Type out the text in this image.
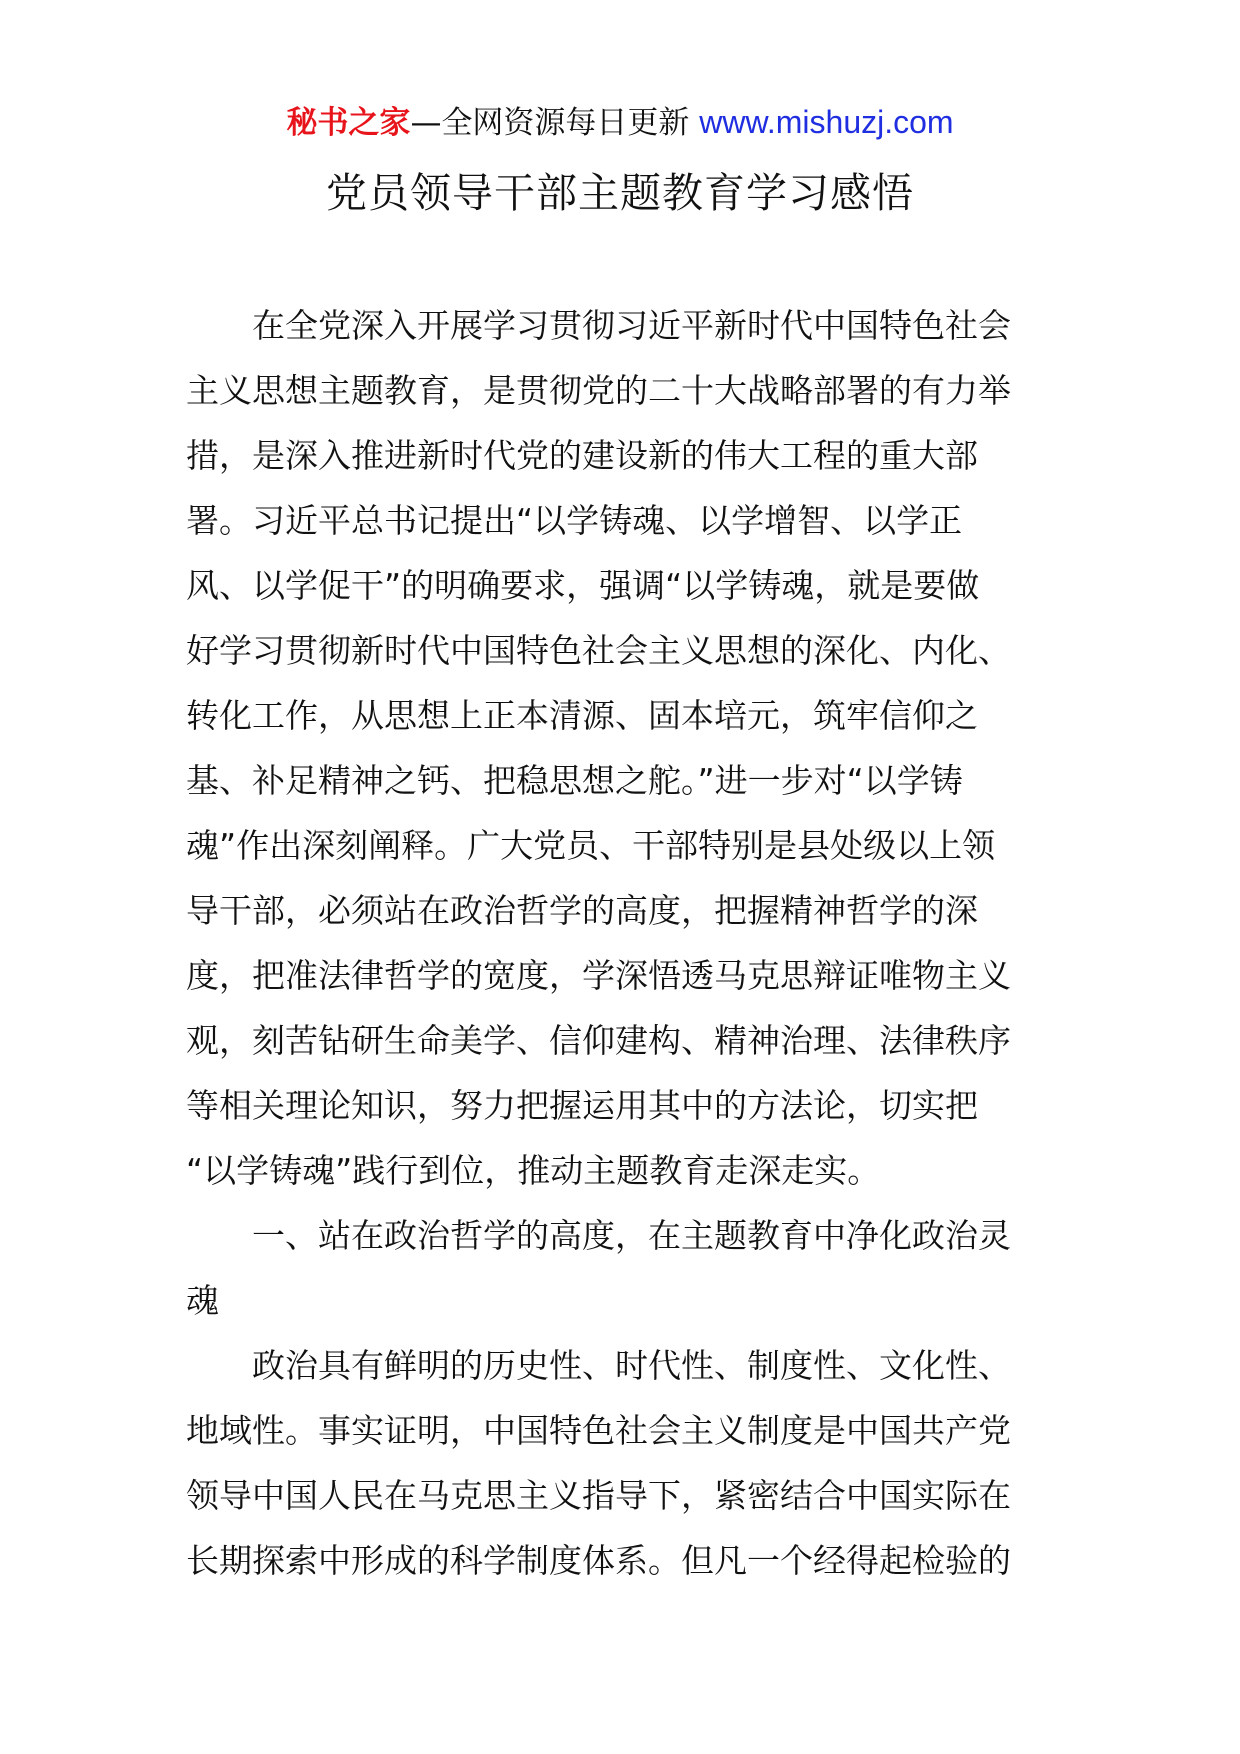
秘书之家—全网资源每日更新 www.mishuzj.com
党员领导干部主题教育学习感悟
在全党深入开展学习贯彻习近平新时代中国特色社会
主义思想主题教育，是贯彻党的二十大战略部署的有力举
措，是深入推进新时代党的建设新的伟大工程的重大部
署。习近平总书记提出“以学铸魂、以学增智、以学正
风、以学促干”的明确要求，强调“以学铸魂，就是要做
好学习贯彻新时代中国特色社会主义思想的深化、内化、
转化工作，从思想上正本清源、固本培元，筑牢信仰之
基、补足精神之钙、把稳思想之舵。”进一步对“以学铸
魂”作出深刻阐释。广大党员、干部特别是县处级以上领
导干部，必须站在政治哲学的高度，把握精神哲学的深
度，把准法律哲学的宽度，学深悟透马克思辩证唯物主义
观，刻苦钻研生命美学、信仰建构、精神治理、法律秩序
等相关理论知识，努力把握运用其中的方法论，切实把
“以学铸魂”践行到位，推动主题教育走深走实。
一、站在政治哲学的高度，在主题教育中净化政治灵
魂
政治具有鲜明的历史性、时代性、制度性、文化性、
地域性。事实证明，中国特色社会主义制度是中国共产党
领导中国人民在马克思主义指导下，紧密结合中国实际在
长期探索中形成的科学制度体系。但凡一个经得起检验的
